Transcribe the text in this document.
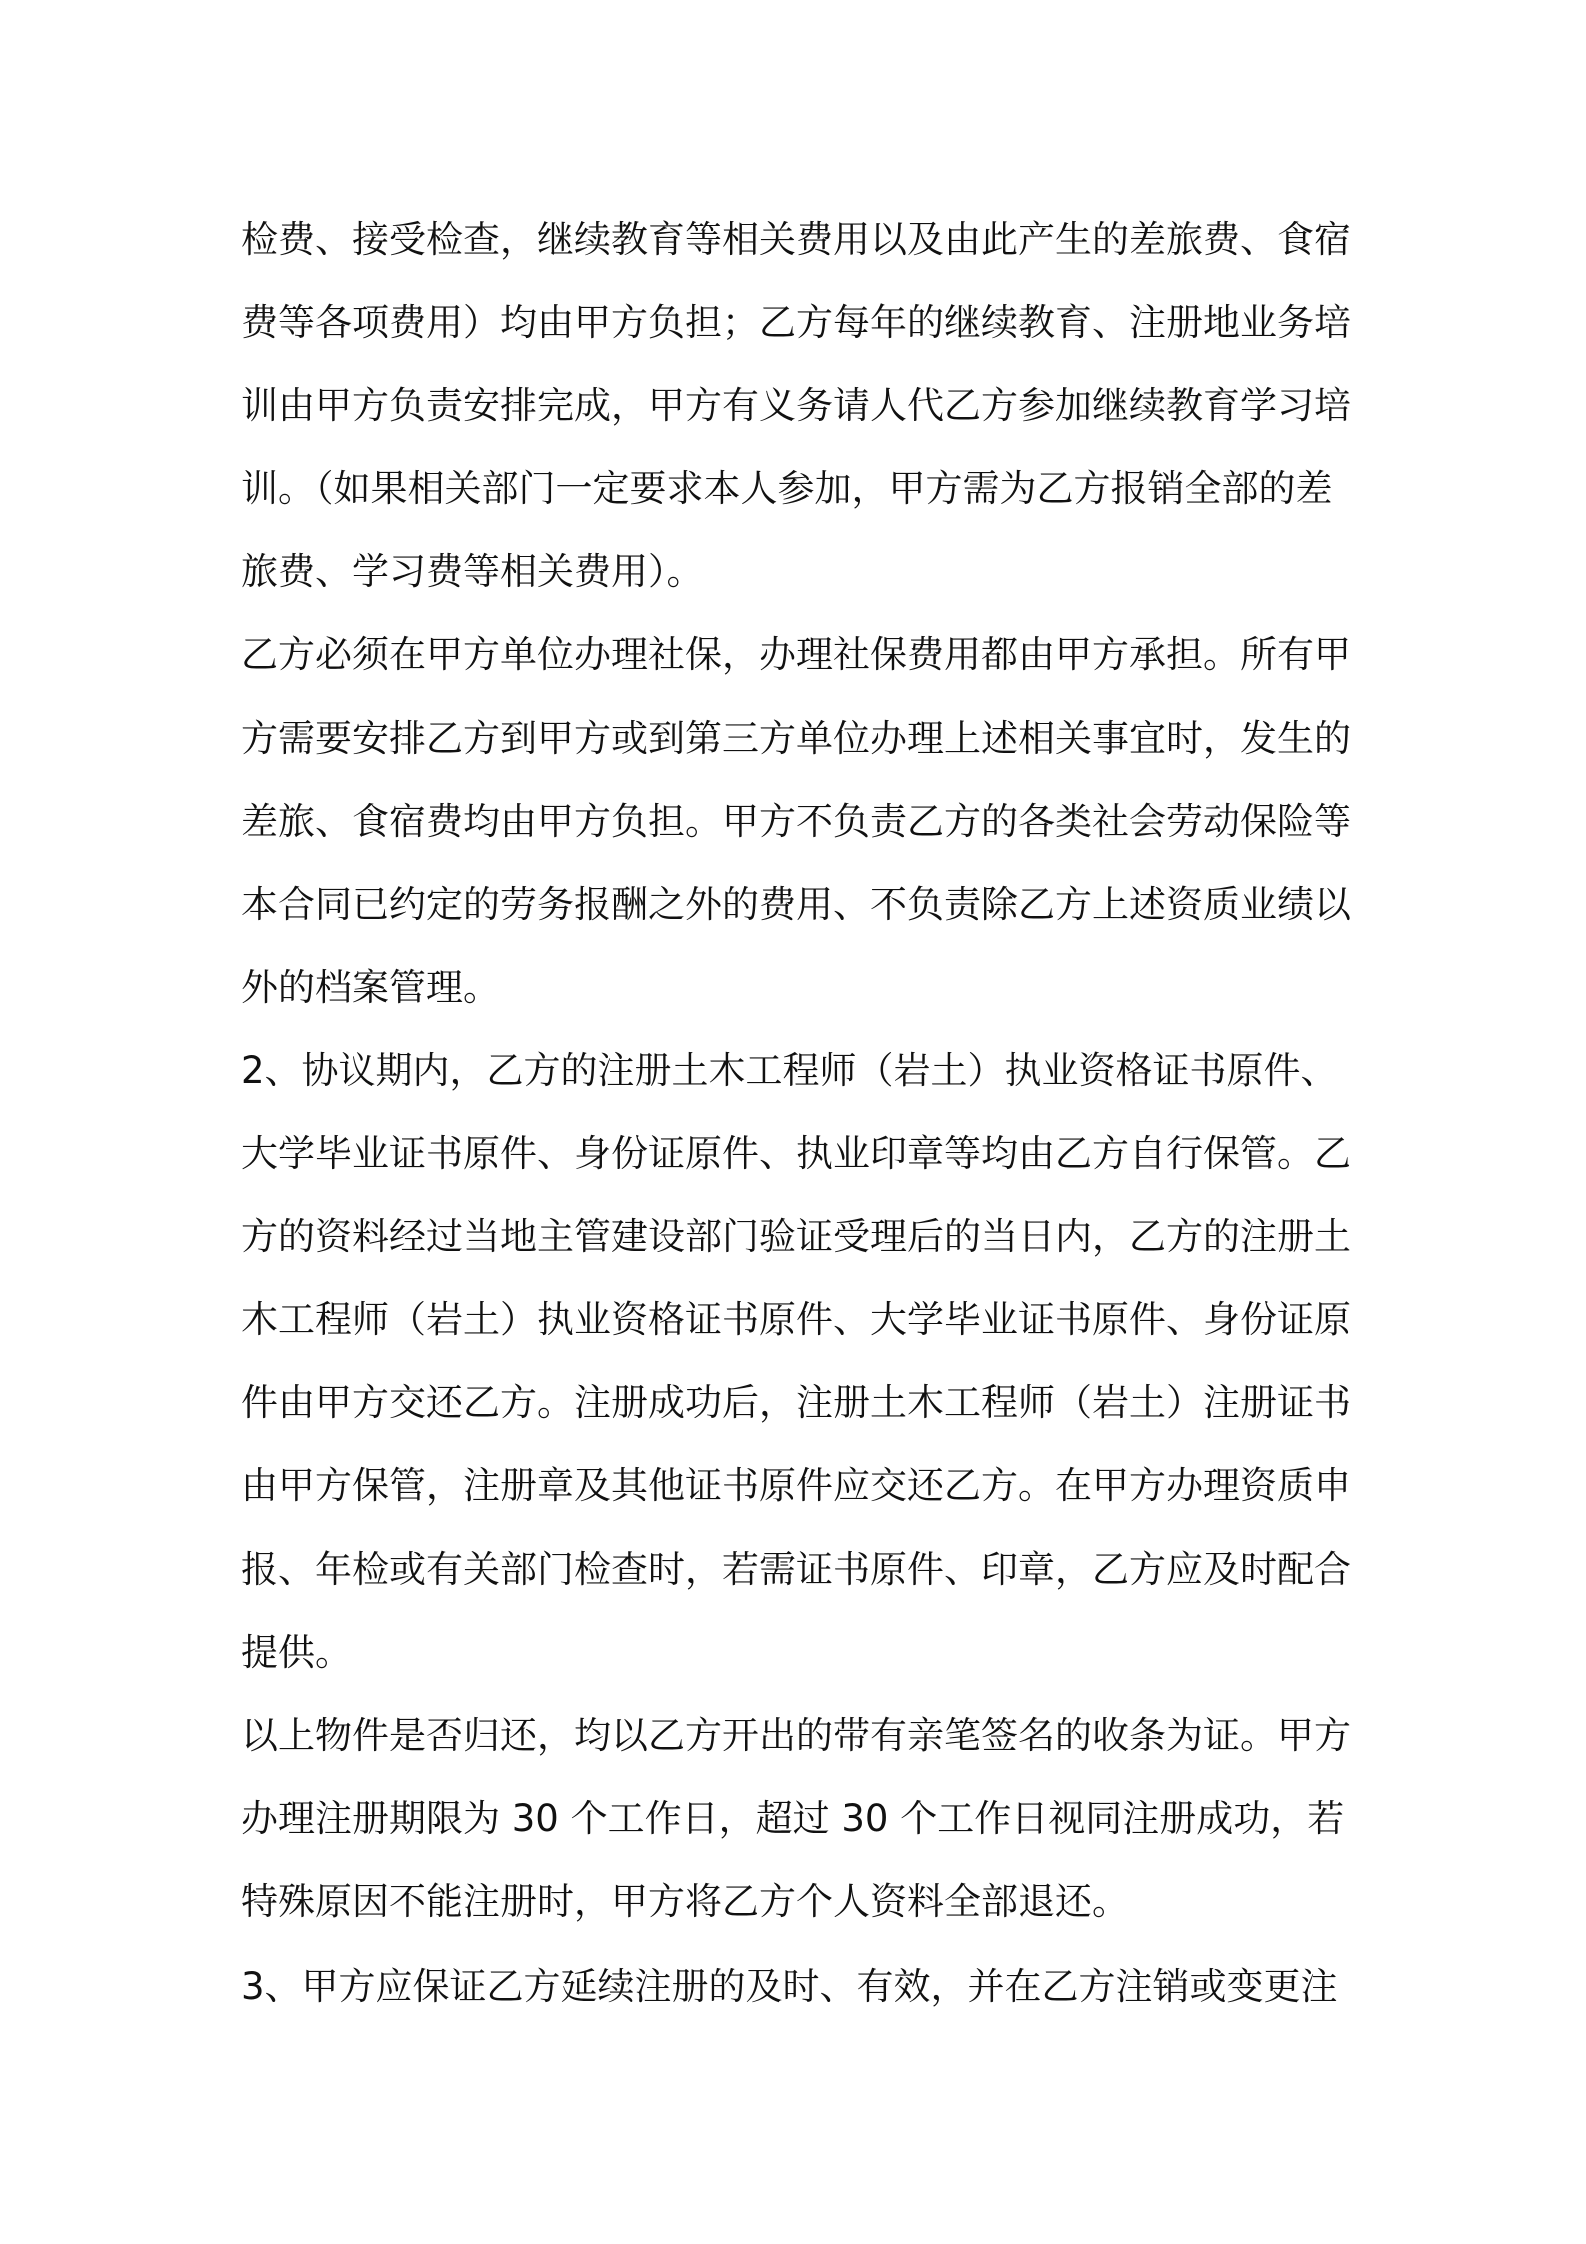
检费、接受检查，继续教育等相关费用以及由此产生的差旅费、食宿
费等各项费用）均由甲方负担；乙方每年的继续教育、注册地业务培
训由甲方负责安排完成，甲方有义务请人代乙方参加继续教育学习培
训。（如果相关部门一定要求本人参加，甲方需为乙方报销全部的差
旅费、学习费等相关费用）。
乙方必须在甲方单位办理社保，办理社保费用都由甲方承担。所有甲
方需要安排乙方到甲方或到第三方单位办理上述相关事宜时，发生的
差旅、食宿费均由甲方负担。甲方不负责乙方的各类社会劳动保险等
本合同已约定的劳务报酬之外的费用、不负责除乙方上述资质业绩以
外的档案管理。
2、协议期内，乙方的注册土木工程师（岩土）执业资格证书原件、
大学毕业证书原件、身份证原件、执业印章等均由乙方自行保管。乙
方的资料经过当地主管建设部门验证受理后的当日内，乙方的注册土
木工程师（岩土）执业资格证书原件、大学毕业证书原件、身份证原
件由甲方交还乙方。注册成功后，注册土木工程师（岩土）注册证书
由甲方保管，注册章及其他证书原件应交还乙方。在甲方办理资质申
报、年检或有关部门检查时，若需证书原件、印章，乙方应及时配合
提供。
以上物件是否归还，均以乙方开出的带有亲笔签名的收条为证。甲方
办理注册期限为 30 个工作日，超过 30 个工作日视同注册成功，若
特殊原因不能注册时，甲方将乙方个人资料全部退还。
3、甲方应保证乙方延续注册的及时、有效，并在乙方注销或变更注
